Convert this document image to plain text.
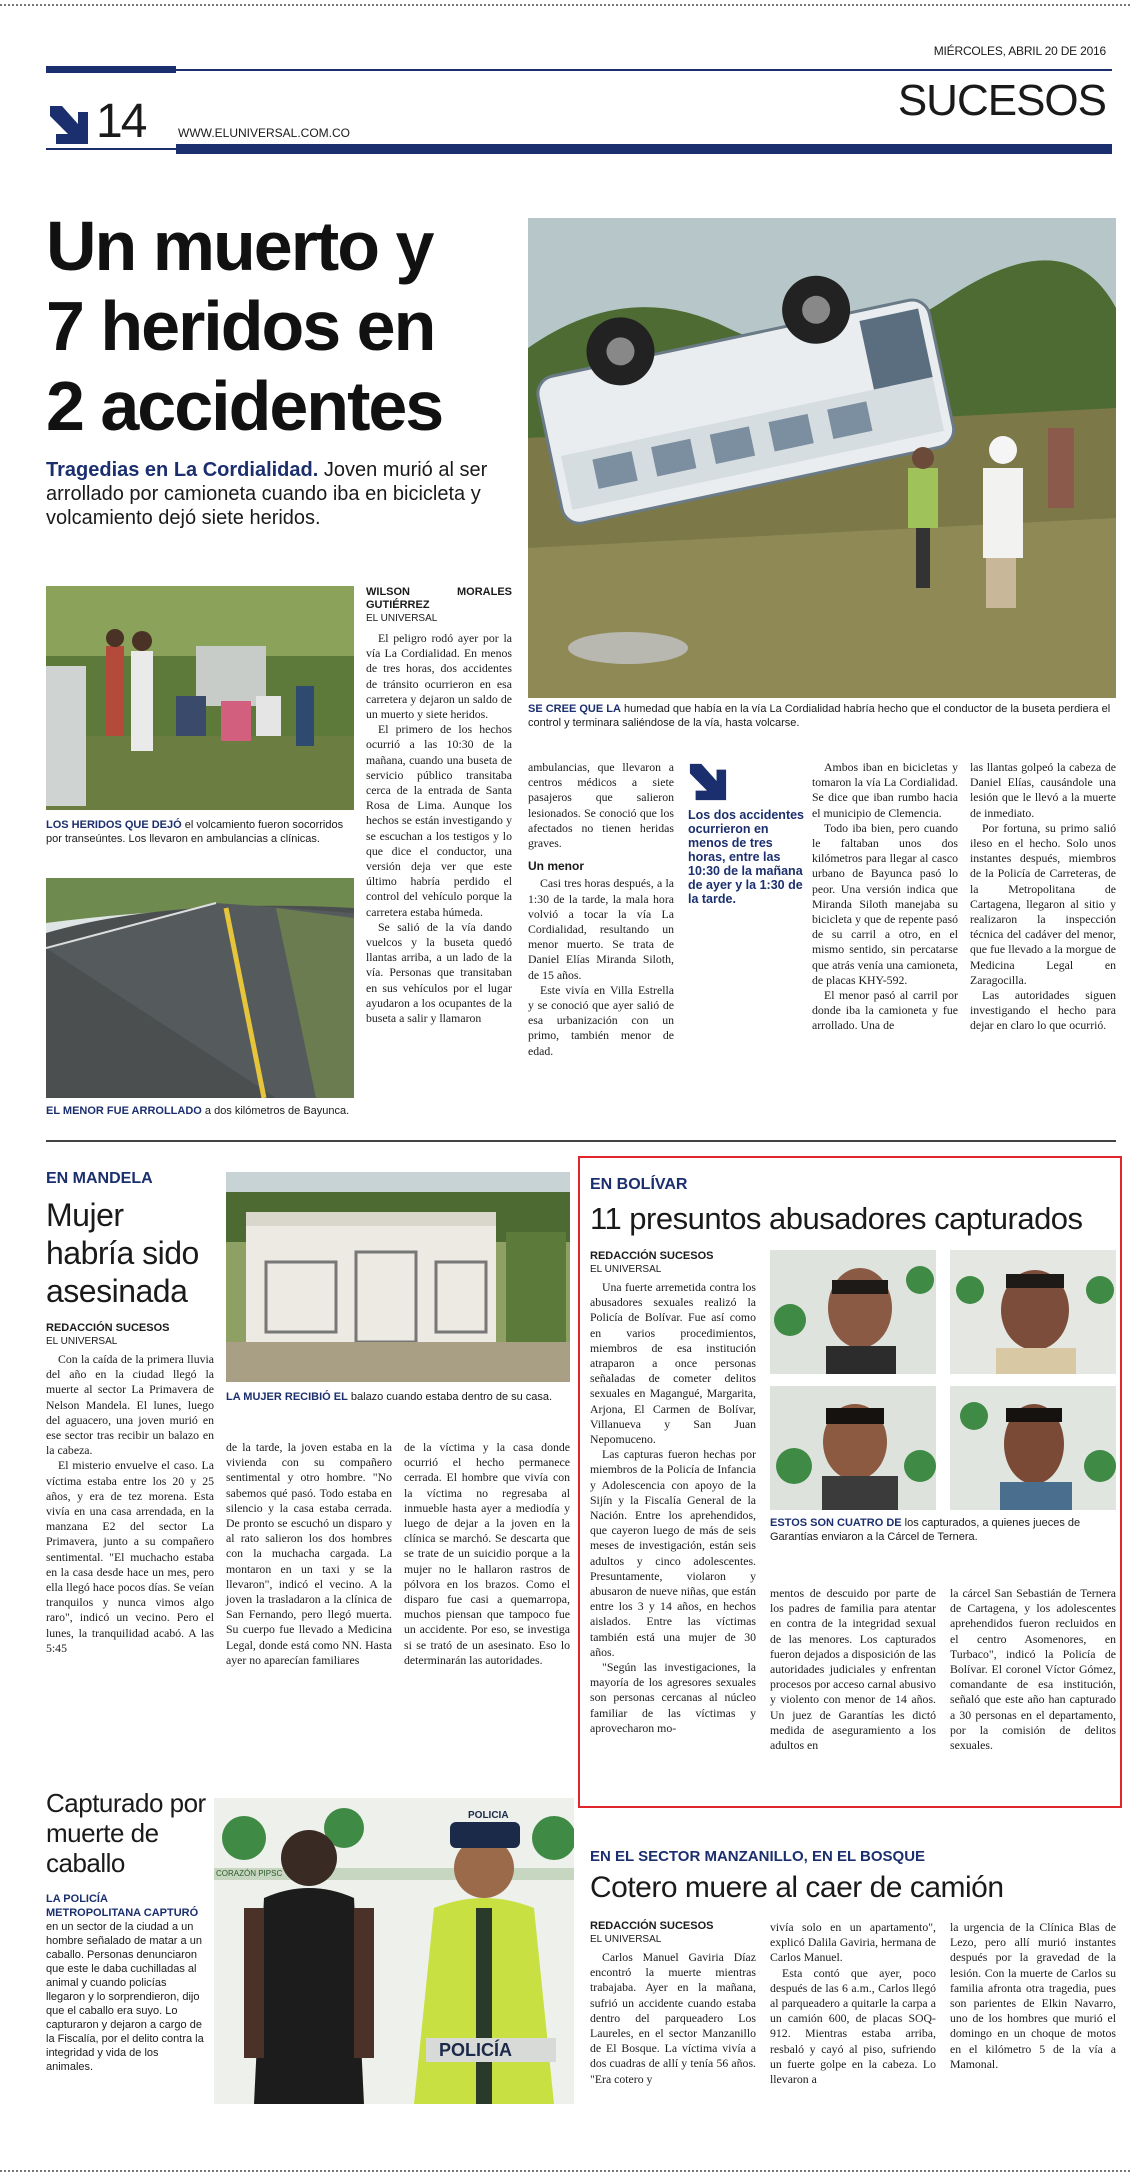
MIÉRCOLES, ABRIL 20 DE 2016
14	WWW.ELUNIVERSAL.COM.CO
SUCESOS
Un muerto y 7 heridos en 2 accidentes
Tragedias en La Cordialidad. Joven murió al ser arrollado por camioneta cuando iba en bicicleta y volcamiento dejó siete heridos.
SE CREE QUE LA humedad que había en la vía La Cordialidad habría hecho que el conductor de la buseta perdiera el control y terminara saliéndose de la vía, hasta volcarse.
LOS HERIDOS QUE DEJÓ el volcamiento fueron socorridos por transeúntes. Los llevaron en ambulancias a clínicas.
EL MENOR FUE ARROLLADO a dos kilómetros de Bayunca.
WILSON MORALES GUTIÉRREZ
EL UNIVERSAL

El peligro rodó ayer por la vía La Cordialidad. En menos de tres horas, dos accidentes de tránsito ocurrieron en esa carretera y dejaron un saldo de un muerto y siete heridos.

El primero de los hechos ocurrió a las 10:30 de la mañana, cuando una buseta de servicio público transitaba cerca de la entrada de Santa Rosa de Lima. Aunque los hechos se están investigando y se escuchan a los testigos y lo que dice el conductor, una versión deja ver que este último habría perdido el control del vehículo porque la carretera estaba húmeda.

Se salió de la vía dando vuelcos y la buseta quedó llantas arriba, a un lado de la vía. Personas que transitaban en sus vehículos por el lugar ayudaron a los ocupantes de la buseta a salir y llamaron

ambulancias, que llevaron a centros médicos a siete pasajeros que salieron lesionados. Se conoció que los afectados no tienen heridas graves.

Un menor

Casi tres horas después, a la 1:30 de la tarde, la mala hora volvió a tocar la vía La Cordialidad, resultando un menor muerto. Se trata de Daniel Elías Miranda Siloth, de 15 años.

Este vivía en Villa Estrella y se conoció que ayer salió de esa urbanización con un primo, también menor de edad.

Los dos accidentes ocurrieron en menos de tres horas, entre las 10:30 de la mañana de ayer y la 1:30 de la tarde.

Ambos iban en bicicletas y tomaron la vía La Cordialidad. Se dice que iban rumbo hacia el municipio de Clemencia.

Todo iba bien, pero cuando le faltaban unos dos kilómetros para llegar al casco urbano de Bayunca pasó lo peor. Una versión indica que Miranda Siloth manejaba su bicicleta y que de repente pasó de su carril a otro, en el mismo sentido, sin percatarse que atrás venía una camioneta, de placas KHY-592.

El menor pasó al carril por donde iba la camioneta y fue arrollado. Una de

las llantas golpeó la cabeza de Daniel Elías, causándole una lesión que le llevó a la muerte de inmediato.

Por fortuna, su primo salió ileso en el hecho. Solo unos instantes después, miembros de la Policía de Carreteras, de la Metropolitana de Cartagena, llegaron al sitio y realizaron la inspección técnica del cadáver del menor, que fue llevado a la morgue de Medicina Legal en Zaragocilla.

Las autoridades siguen investigando el hecho para dejar en claro lo que ocurrió.

EN MANDELA
Mujer habría sido asesinada
REDACCIÓN SUCESOS
EL UNIVERSAL

Con la caída de la primera lluvia del año en la ciudad llegó la muerte al sector La Primavera de Nelson Mandela. El lunes, luego del aguacero, una joven murió en ese sector tras recibir un balazo en la cabeza.

El misterio envuelve el caso. La víctima estaba entre los 20 y 25 años, y era de tez morena. Esta vivía en una casa arrendada, en la manzana E2 del sector La Primavera, junto a su compañero sentimental. "El muchacho estaba en la casa desde hace un mes, pero ella llegó hace pocos días. Se veían tranquilos y nunca vimos algo raro", indicó un vecino. Pero el lunes, la tranquilidad acabó. A las 5:45

LA MUJER RECIBIÓ EL balazo cuando estaba dentro de su casa.

de la tarde, la joven estaba en la vivienda con su compañero sentimental y otro hombre. "No sabemos qué pasó. Todo estaba en silencio y la casa estaba cerrada. De pronto se escuchó un disparo y al rato salieron los dos hombres con la muchacha cargada. La montaron en un taxi y se la llevaron", indicó el vecino. A la joven la trasladaron a la clínica de San Fernando, pero llegó muerta. Su cuerpo fue llevado a Medicina Legal, donde está como NN. Hasta ayer no aparecían familiares

de la víctima y la casa donde ocurrió el hecho permanece cerrada. El hombre que vivía con la víctima no regresaba al inmueble hasta ayer a mediodía y luego de dejar a la joven en la clínica se marchó. Se descarta que se trate de un suicidio porque a la mujer no le hallaron rastros de pólvora en los brazos. Como el disparo fue casi a quemarropa, muchos piensan que tampoco fue un accidente. Por eso, se investiga si se trató de un asesinato. Eso lo determinarán las autoridades.

EN BOLÍVAR
11 presuntos abusadores capturados
REDACCIÓN SUCESOS
EL UNIVERSAL

Una fuerte arremetida contra los abusadores sexuales realizó la Policía de Bolívar. Fue así como en varios procedimientos, miembros de esa institución atraparon a once personas señaladas de cometer delitos sexuales en Magangué, Margarita, Arjona, El Carmen de Bolívar, Villanueva y San Juan Nepomuceno.

Las capturas fueron hechas por miembros de la Policía de Infancia y Adolescencia con apoyo de la Sijín y la Fiscalía General de la Nación. Entre los aprehendidos, que cayeron luego de más de seis meses de investigación, están seis adultos y cinco adolescentes. Presuntamente, violaron y abusaron de nueve niñas, que están entre los 3 y 14 años, en hechos aislados. Entre las víctimas también está una mujer de 30 años.

"Según las investigaciones, la mayoría de los agresores sexuales son personas cercanas al núcleo familiar de las víctimas y aprovecharon mo-

ESTOS SON CUATRO DE los capturados, a quienes jueces de Garantías enviaron a la Cárcel de Ternera.

mentos de descuido por parte de los padres de familia para atentar en contra de la integridad sexual de las menores. Los capturados fueron dejados a disposición de las autoridades judiciales y enfrentan procesos por acceso carnal abusivo y violento con menor de 14 años. Un juez de Garantías les dictó medida de aseguramiento a los adultos en

la cárcel San Sebastián de Ternera de Cartagena, y los adolescentes aprehendidos fueron recluidos en el centro Asomenores, en Turbaco", indicó la Policía de Bolívar. El coronel Víctor Gómez, comandante de esa institución, señaló que este año han capturado a 30 personas en el departamento, por la comisión de delitos sexuales.

Capturado por muerte de caballo
LA POLICÍA METROPOLITANA CAPTURÓ en un sector de la ciudad a un hombre señalado de matar a un caballo. Personas denunciaron que este le daba cuchilladas al animal y cuando policías llegaron y lo sorprendieron, dijo que el caballo era suyo. Lo capturaron y dejaron a cargo de la Fiscalía, por el delito contra la integridad y vida de los animales.
POLICÍA
POLICIA
CORAZÓN PIPSC
EN EL SECTOR MANZANILLO, EN EL BOSQUE
Cotero muere al caer de camión
REDACCIÓN SUCESOS
EL UNIVERSAL

Carlos Manuel Gaviria Díaz encontró la muerte mientras trabajaba. Ayer en la mañana, sufrió un accidente cuando estaba dentro del parqueadero Los Laureles, en el sector Manzanillo de El Bosque. La víctima vivía a dos cuadras de allí y tenía 56 años. "Era cotero y

vivía solo en un apartamento", explicó Dalila Gaviria, hermana de Carlos Manuel.

Esta contó que ayer, poco después de las 6 a.m., Carlos llegó al parqueadero a quitarle la carpa a un camión 600, de placas SOQ-912. Mientras estaba arriba, resbaló y cayó al piso, sufriendo un fuerte golpe en la cabeza. Lo llevaron a

la urgencia de la Clínica Blas de Lezo, pero allí murió instantes después por la gravedad de la lesión. Con la muerte de Carlos su familia afronta otra tragedia, pues son parientes de Elkin Navarro, uno de los hombres que murió el domingo en un choque de motos en el kilómetro 5 de la vía a Mamonal.
